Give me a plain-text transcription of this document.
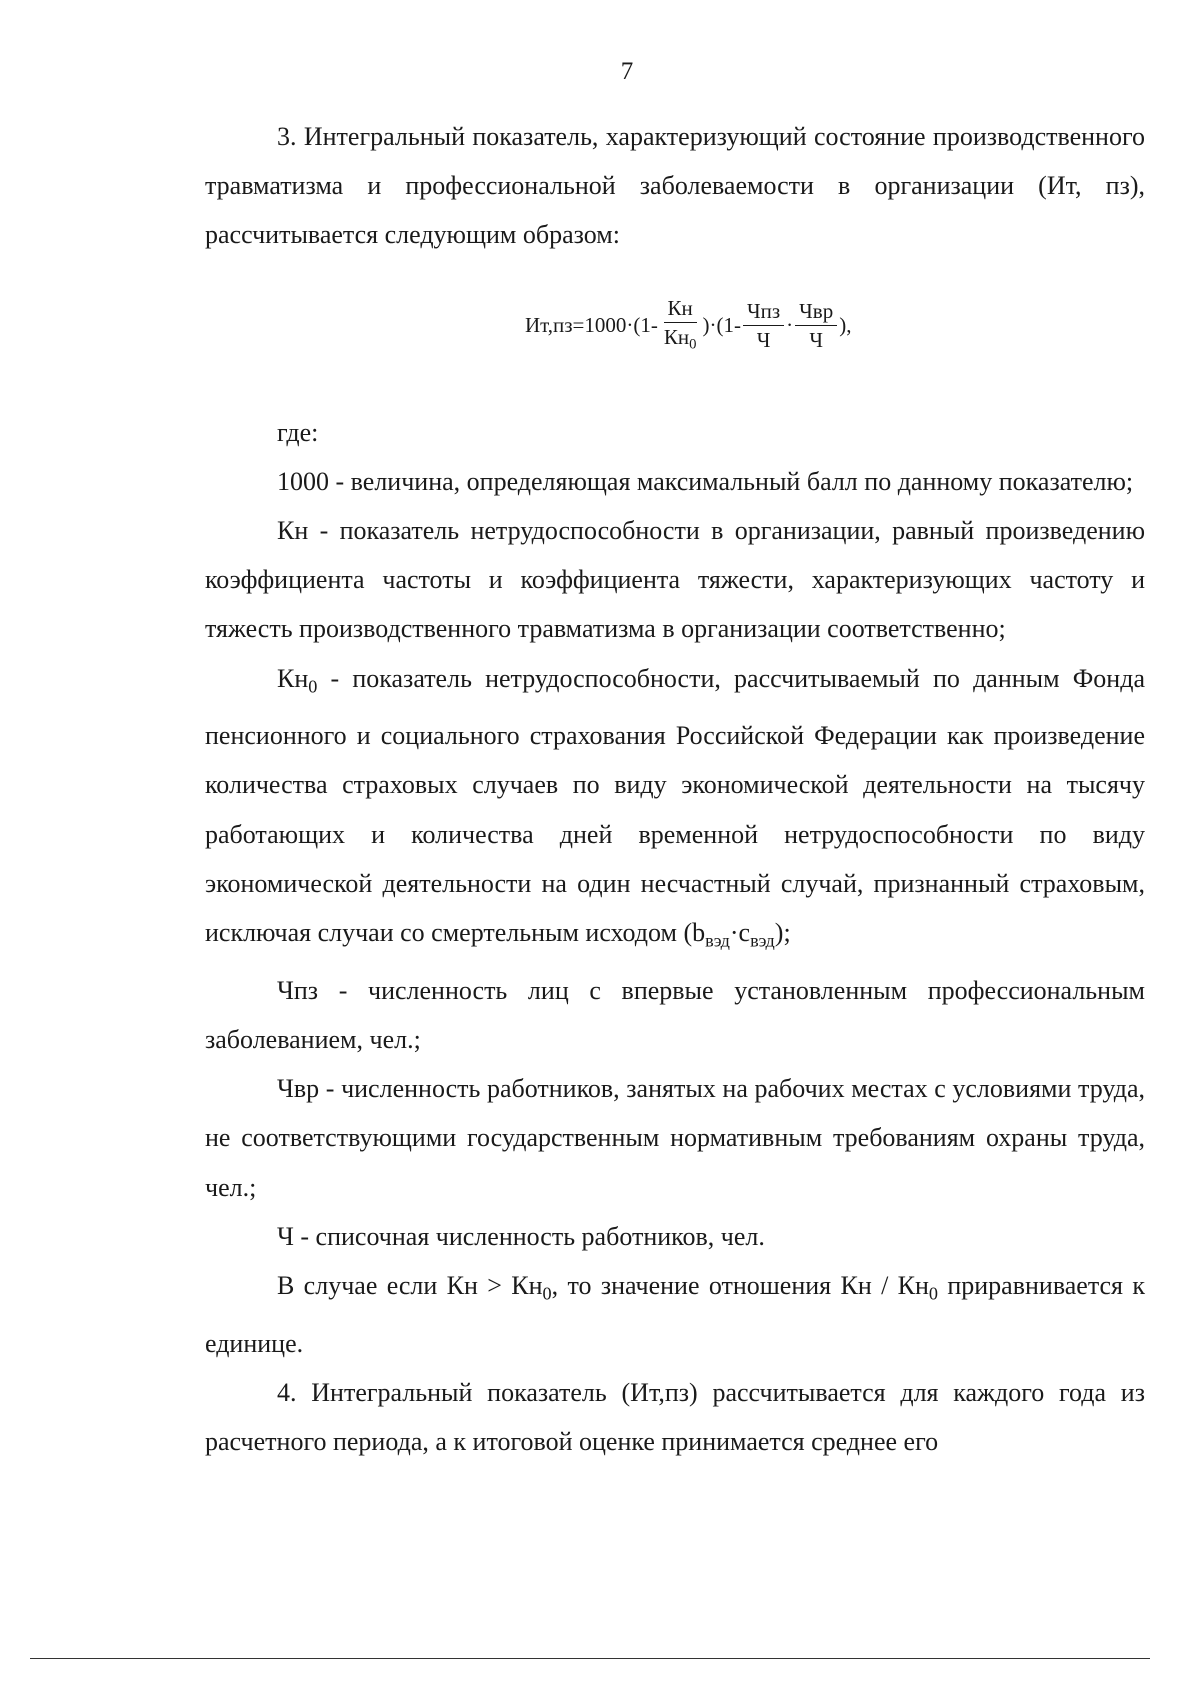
7

3. Интегральный показатель, характеризующий состояние производственного травматизма и профессиональной заболеваемости в организации (Ит, пз), рассчитывается следующим образом:

$Ит,пз=1000\cdot(1- \frac{Кн}{Кн_0} )\cdot(1- \frac{\text{Чпз}}{Ч} \cdot \frac{\text{Чвр}}{Ч}$ ),

где:

1000 - величина, определяющая максимальный балл по данному показателю;

Кн - показатель нетрудоспособности в организации, равный произведению коэффициента частоты и коэффициента тяжести, характеризующих частоту и тяжесть производственного травматизма в организации соответственно;

$Кн_0$ - показатель нетрудоспособности, рассчитываемый по данным Фонда пенсионного и социального страхования Российской Федерации как произведение количества страховых случаев по виду экономической деятельности на тысячу работающих и количества дней временной нетрудоспособности по виду экономической деятельности на один несчастный случай, признанный страховым, исключая случаи со смертельным исходом $(b_{вэд}\cdot c_{вэд})$;

Чпз - численность лиц с впервые установленным профессиональным заболеванием, чел.;

Чвр - численность работников, занятых на рабочих местах с условиями труда, не соответствующими государственным нормативным требованиям охраны труда, чел.;

Ч - списочная численность работников, чел.

В случае если Кн > $Кн_0$, то значение отношения Кн / $Кн_0$ приравнивается к единице.

4. Интегральный показатель (Ит,пз) рассчитывается для каждого года из расчетного периода, а к итоговой оценке принимается среднее его
